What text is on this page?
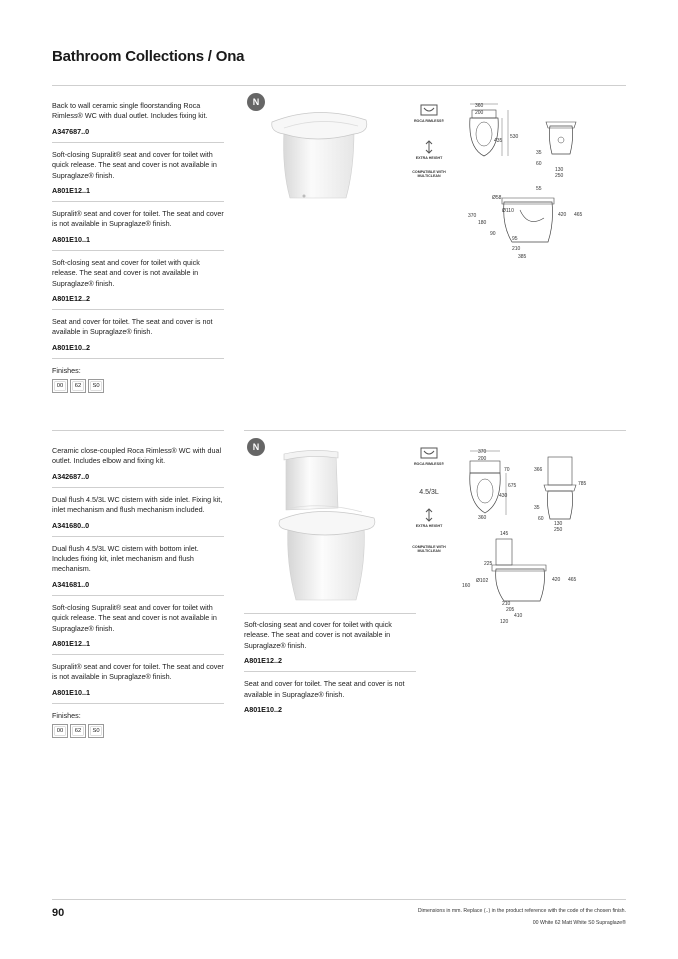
Bathroom Collections / Ona
Back to wall ceramic single floorstanding Roca Rimless® WC with dual outlet. Includes fixing kit.
A347687..0
Soft-closing Supralit® seat and cover for toilet with quick release. The seat and cover is not available in Supraglaze® finish.
A801E12..1
Supralit® seat and cover for toilet. The seat and cover is not available in Supraglaze® finish.
A801E10..1
Soft-closing seat and cover for toilet with quick release. The seat and cover is not available in Supraglaze® finish.
A801E12..2
Seat and cover for toilet. The seat and cover is not available in Supraglaze® finish.
A801E10..2
Finishes:
00	62	S0
N
ROCA RIMLESS®
EXTRA HEIGHT
COMPATIBLE WITH MULTICLEAN
360
200
435
530
35
60
130
250
55
Ø58
Ø110
370
180
90
95
210
385
420 465
Ceramic close-coupled Roca Rimless® WC with dual outlet. Includes elbow and fixing kit.
A342687..0
Dual flush 4.5/3L WC cistern with side inlet. Fixing kit, inlet mechanism and flush mechanism included.
A341680..0
Dual flush 4.5/3L WC cistern with bottom inlet. Includes fixing kit, inlet mechanism and flush mechanism.
A341681..0
Soft-closing Supralit® seat and cover for toilet with quick release. The seat and cover is not available in Supraglaze® finish.
A801E12..1
Supralit® seat and cover for toilet. The seat and cover is not available in Supraglaze® finish.
A801E10..1
Finishes:
00	62	S0
N
ROCA RIMLESS®
4.5/3L
EXTRA HEIGHT
COMPATIBLE WITH MULTICLEAN
370
200
70
675
430
360
366
785
35
60
130
250
145
225
Ø102
160
210
205
410
120
420 465
Soft-closing seat and cover for toilet with quick release. The seat and cover is not available in Supraglaze® finish.
A801E12..2
Seat and cover for toilet. The seat and cover is not available in Supraglaze® finish.
A801E10..2
90	Dimensions in mm. Replace (..) in the product reference with the code of the chosen finish.
00 White 62 Matt White S0 Supraglaze®
